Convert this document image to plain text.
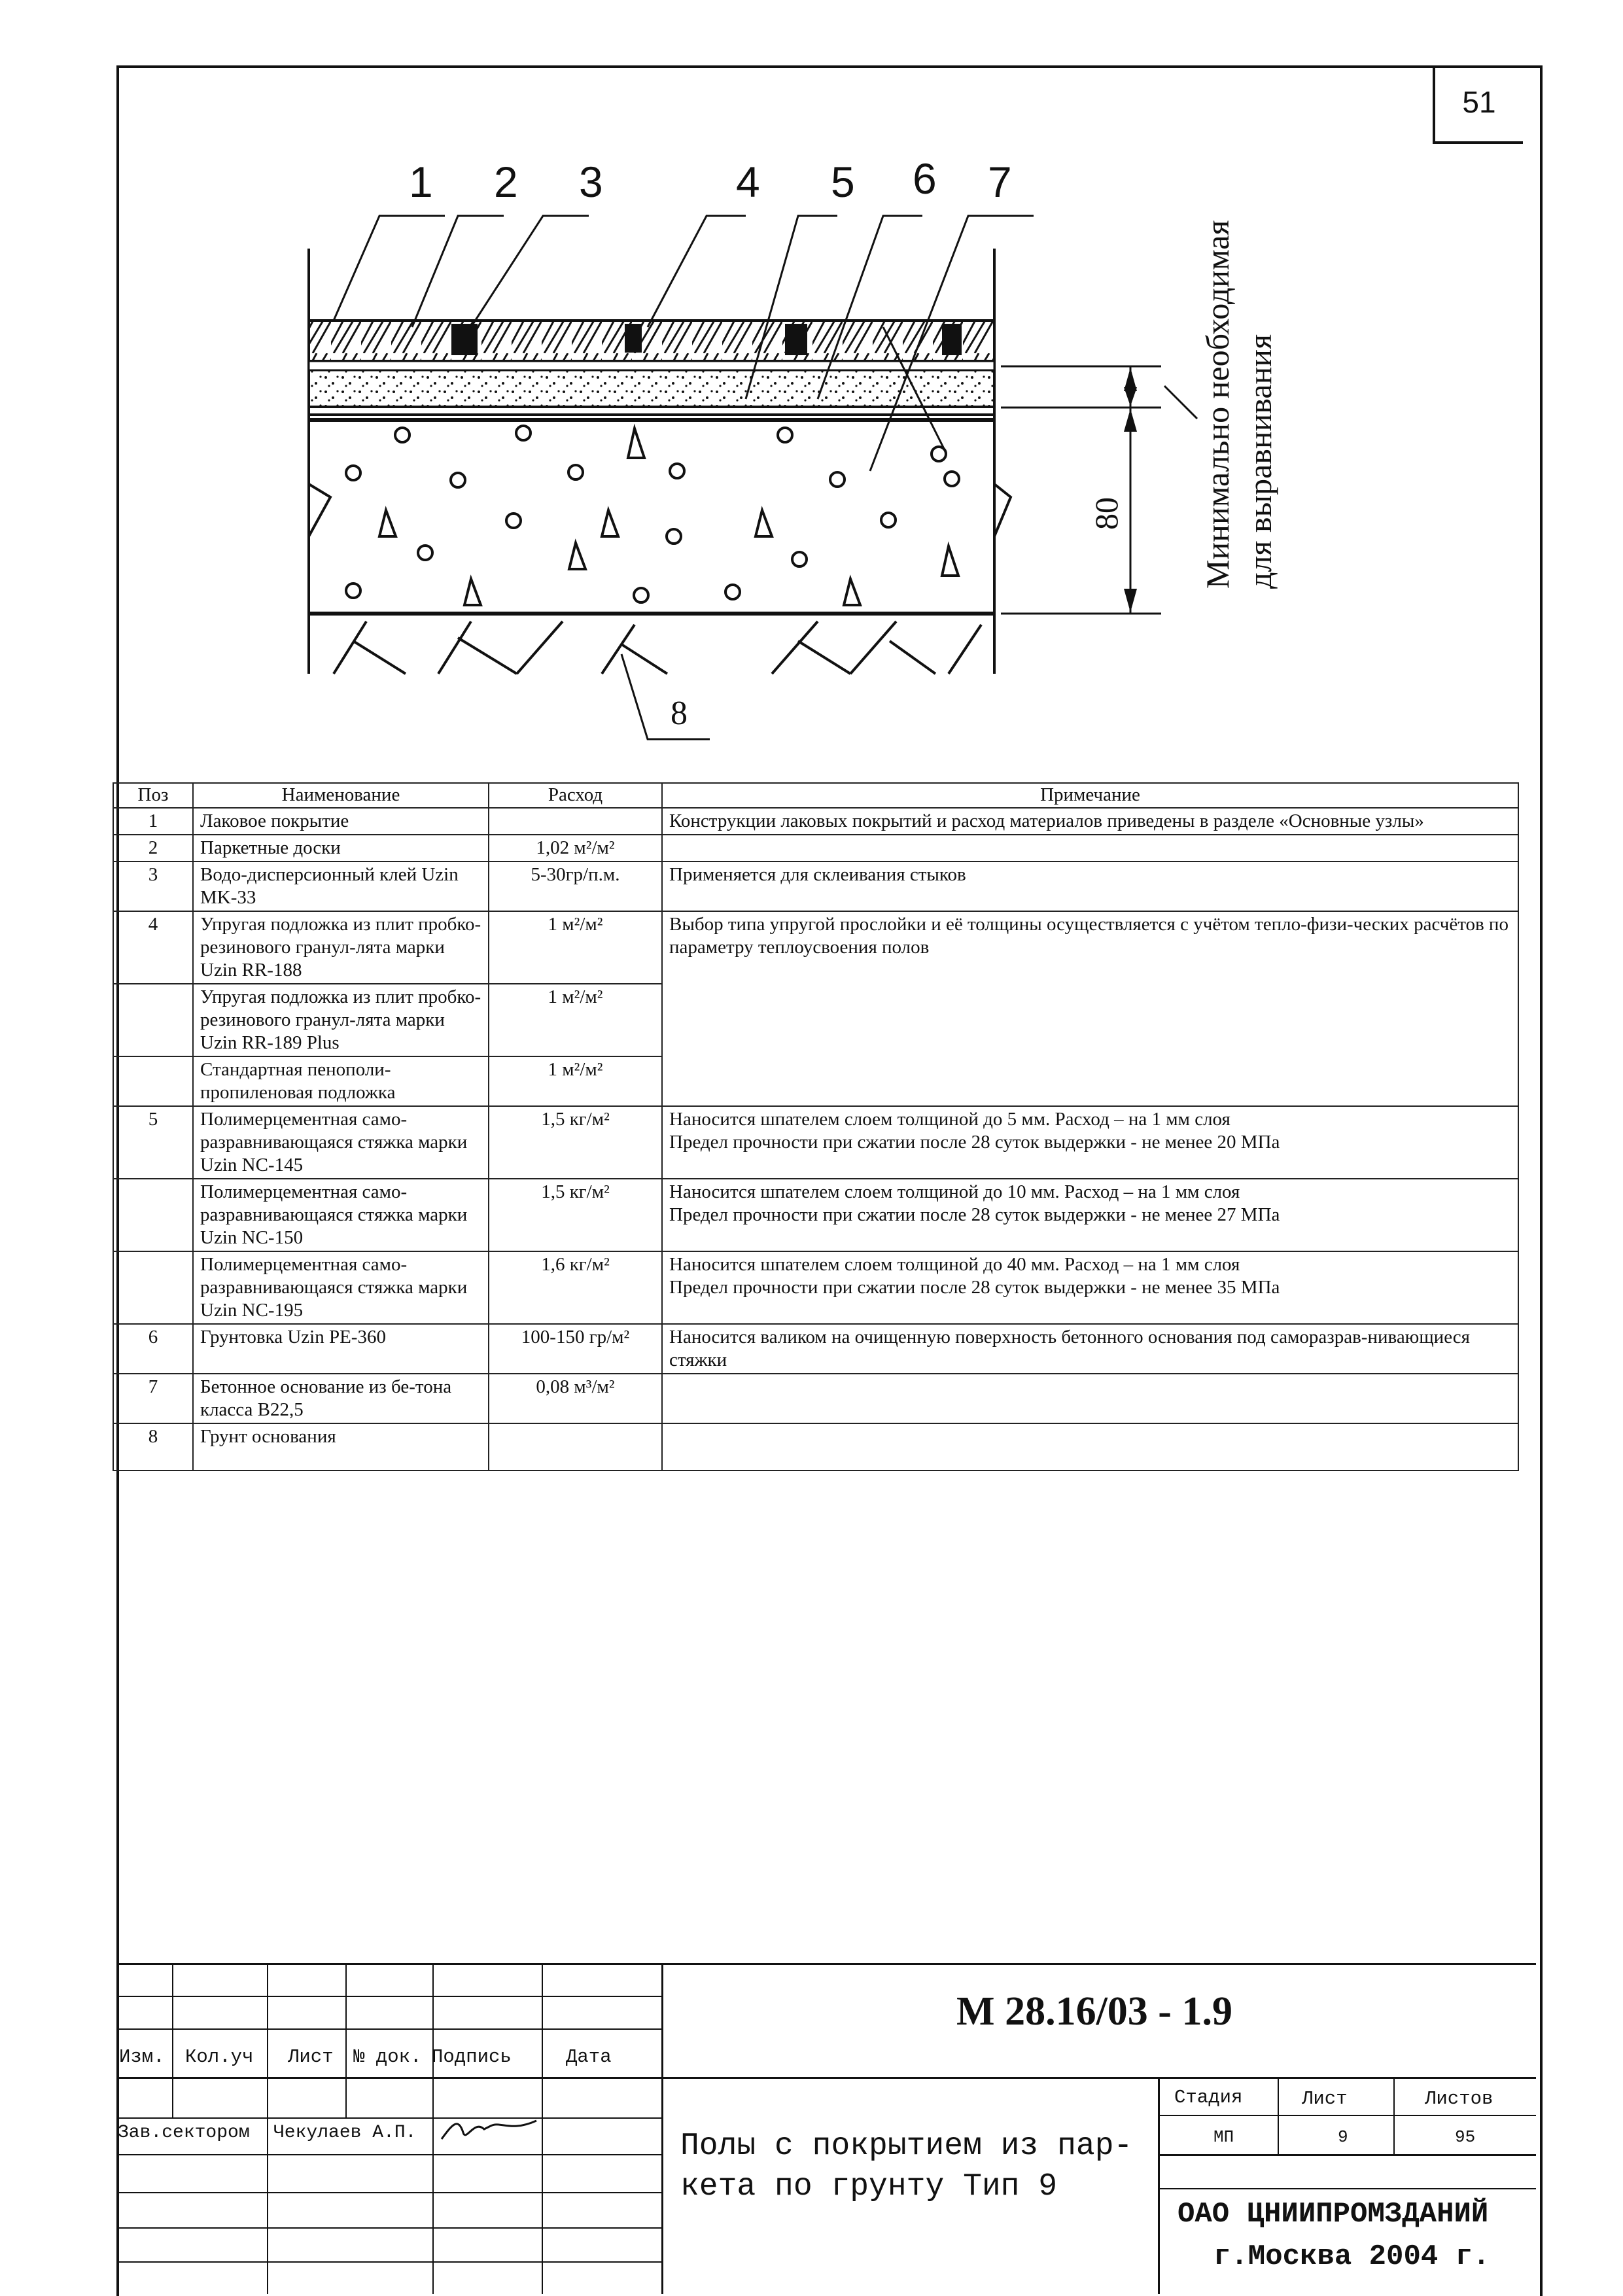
51
1 2 3	4 5 6 7
8
80 Минимально необходимая для выравнивания
Поз	Наименование	Расход	Примечание
1	Лаковое покрытие		Конструкции лаковых покрытий и расход материалов приведены в разделе «Основные узлы»
2	Паркетные доски	1,02 м²/м²	
3	Водо-дисперсионный клей Uzin MK-33	5-30гр/п.м.	Применяется для склеивания стыков
4	Упругая подложка из плит пробко-резинового гранул-лята марки Uzin RR-188	1 м²/м²	Выбор типа упругой прослойки и её толщины осуществляется с учётом тепло-физи-ческих расчётов по параметру теплоусвоения полов
	Упругая подложка из плит пробко-резинового гранул-лята марки Uzin RR-189 Plus	1 м²/м²	
	Стандартная пенополи-пропиленовая подложка	1 м²/м²	
5	Полимерцементная само-разравнивающаяся стяжка марки Uzin NC-145	1,5 кг/м²	Наносится шпателем слоем толщиной до 5 мм. Расход – на 1 мм слоя
Предел прочности при сжатии после 28 суток выдержки - не менее 20 МПа
	Полимерцементная само-разравнивающаяся стяжка марки Uzin NC-150	1,5 кг/м²	Наносится шпателем слоем толщиной до 10 мм. Расход – на 1 мм слоя
Предел прочности при сжатии после 28 суток выдержки - не менее 27 МПа
	Полимерцементная само-разравнивающаяся стяжка марки Uzin NC-195	1,6 кг/м²	Наносится шпателем слоем толщиной до 40 мм. Расход – на 1 мм слоя
Предел прочности при сжатии после 28 суток выдержки - не менее 35 МПа
6	Грунтовка Uzin PE-360	100-150 гр/м²	Наносится валиком на очищенную поверхность бетонного основания под саморазрав-нивающиеся стяжки
7	Бетонное основание из бе-тона класса В22,5	0,08 м³/м²	
8	Грунт основания		
М 28.16/03 - 1.9
Изм. Кол.уч Лист № док. Подпись	Дата
Зав.сектором Чекулаев А.П.
Стадия	Лист	Листов
МП	9	95
Полы с покрытием из пар-
кета по грунту Тип 9
ОАО ЦНИИПРОМЗДАНИЙ
г.Москва 2004 г.
